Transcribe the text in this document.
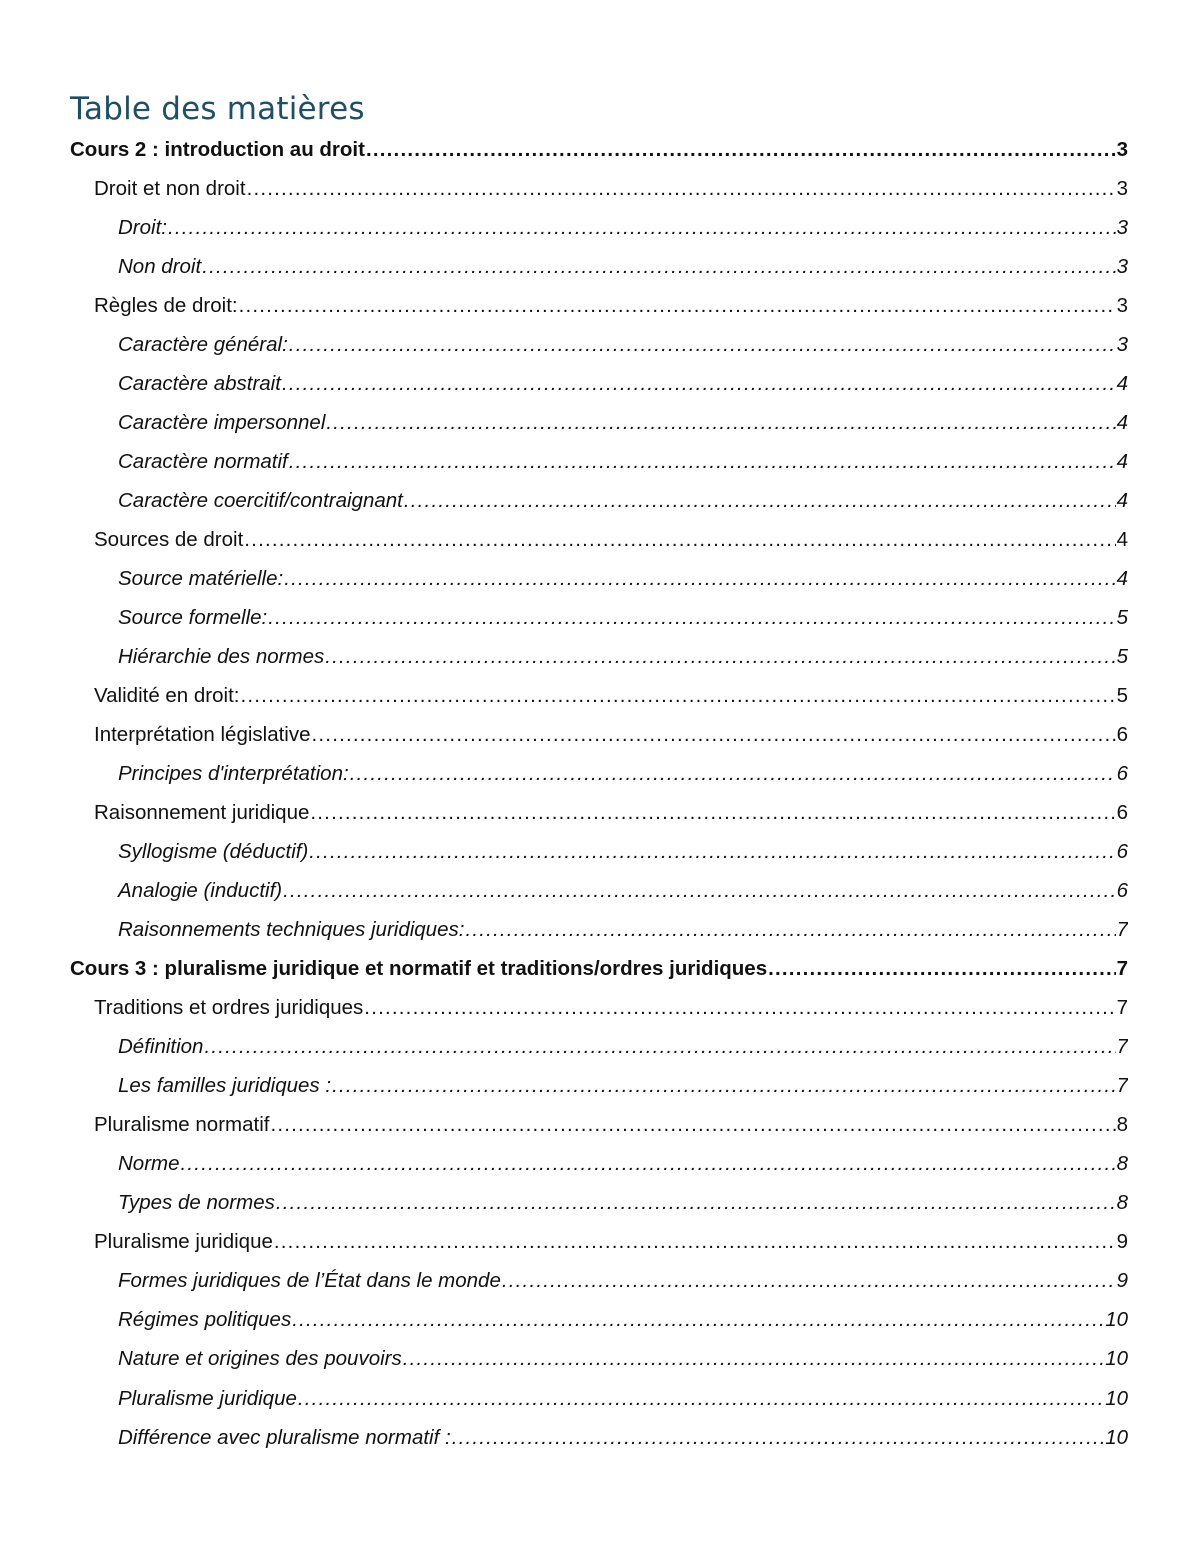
Table des matières
Cours 2 : introduction au droit .....	3
Droit et non droit .....	3
Droit: .....	3
Non droit .....	3
Règles de droit: .....	3
Caractère général: .....	3
Caractère abstrait .....	4
Caractère impersonnel .....	4
Caractère normatif .....	4
Caractère coercitif/contraignant .....	4
Sources de droit .....	4
Source matérielle: .....	4
Source formelle: .....	5
Hiérarchie des normes .....	5
Validité en droit: .....	5
Interprétation législative .....	6
Principes d'interprétation: .....	6
Raisonnement juridique .....	6
Syllogisme (déductif) .....	6
Analogie (inductif) .....	6
Raisonnements techniques juridiques: .....	7
Cours 3 : pluralisme juridique et normatif et traditions/ordres juridiques .....	7
Traditions et ordres juridiques .....	7
Définition .....	7
Les familles juridiques : .....	7
Pluralisme normatif .....	8
Norme .....	8
Types de normes .....	8
Pluralisme juridique .....	9
Formes juridiques de l’État dans le monde .....	9
Régimes politiques .....	10
Nature et origines des pouvoirs .....	10
Pluralisme juridique .....	10
Différence avec pluralisme normatif : .....	10
